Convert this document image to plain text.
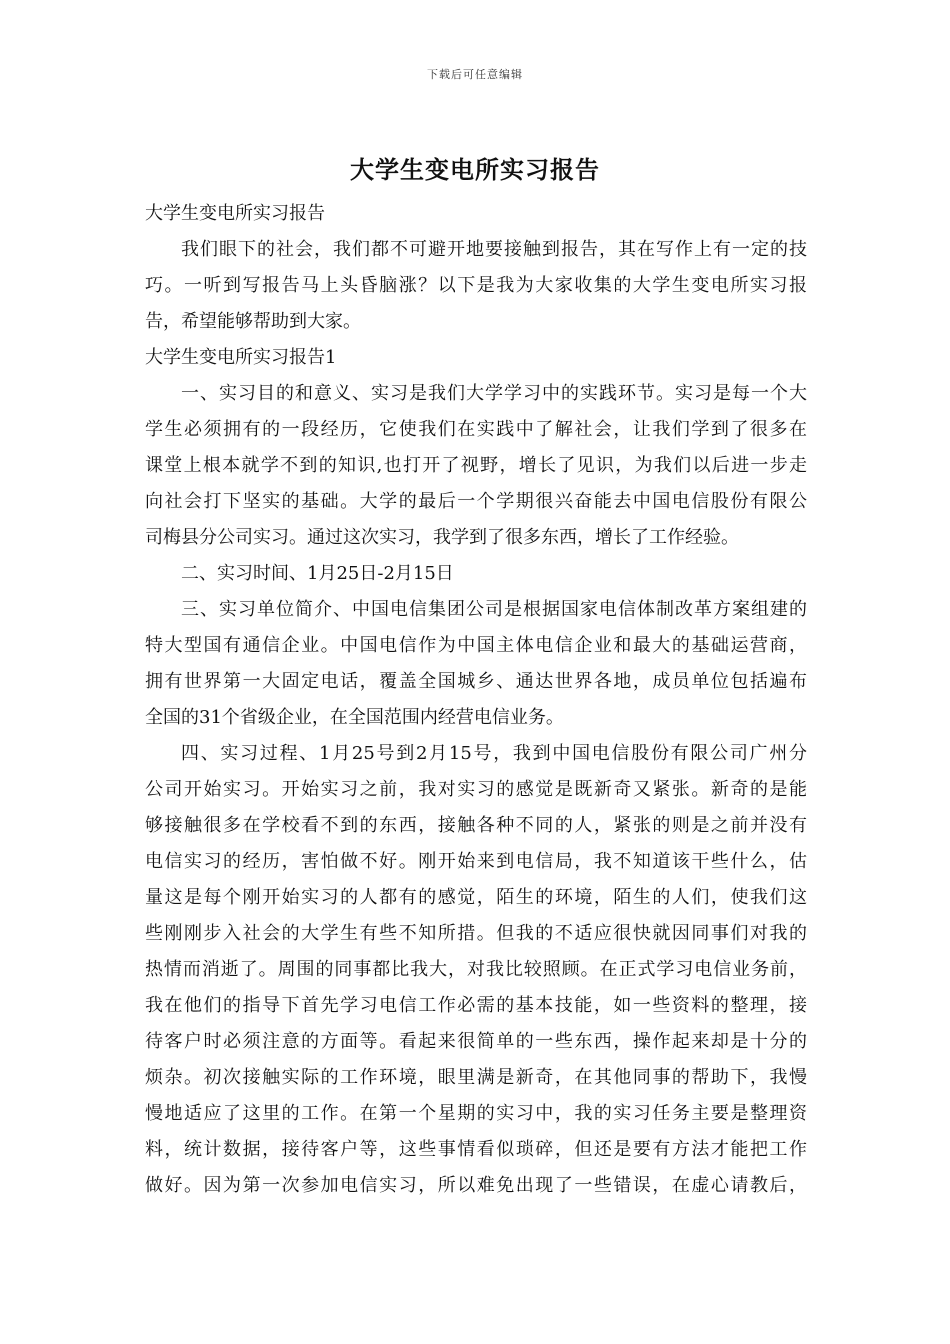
下载后可任意编辑
大学生变电所实习报告
大学生变电所实习报告
我们眼下的社会，我们都不可避开地要接触到报告，其在写作上有一定的技
巧。一听到写报告马上头昏脑涨？以下是我为大家收集的大学生变电所实习报
告，希望能够帮助到大家。
大学生变电所实习报告1
一、实习目的和意义、实习是我们大学学习中的实践环节。实习是每一个大
学生必须拥有的一段经历，它使我们在实践中了解社会，让我们学到了很多在
课堂上根本就学不到的知识,也打开了视野，增长了见识，为我们以后进一步走
向社会打下坚实的基础。大学的最后一个学期很兴奋能去中国电信股份有限公
司梅县分公司实习。通过这次实习，我学到了很多东西，增长了工作经验。
二、实习时间、1月25日-2月15日
三、实习单位简介、中国电信集团公司是根据国家电信体制改革方案组建的
特大型国有通信企业。中国电信作为中国主体电信企业和最大的基础运营商，
拥有世界第一大固定电话，覆盖全国城乡、通达世界各地，成员单位包括遍布
全国的31个省级企业，在全国范围内经营电信业务。
四、实习过程、1月25号到2月15号，我到中国电信股份有限公司广州分
公司开始实习。开始实习之前，我对实习的感觉是既新奇又紧张。新奇的是能
够接触很多在学校看不到的东西，接触各种不同的人，紧张的则是之前并没有
电信实习的经历，害怕做不好。刚开始来到电信局，我不知道该干些什么，估
量这是每个刚开始实习的人都有的感觉，陌生的环境，陌生的人们，使我们这
些刚刚步入社会的大学生有些不知所措。但我的不适应很快就因同事们对我的
热情而消逝了。周围的同事都比我大，对我比较照顾。在正式学习电信业务前，
我在他们的指导下首先学习电信工作必需的基本技能，如一些资料的整理，接
待客户时必须注意的方面等。看起来很简单的一些东西，操作起来却是十分的
烦杂。初次接触实际的工作环境，眼里满是新奇，在其他同事的帮助下，我慢
慢地适应了这里的工作。在第一个星期的实习中，我的实习任务主要是整理资
料，统计数据，接待客户等，这些事情看似琐碎，但还是要有方法才能把工作
做好。因为第一次参加电信实习，所以难免出现了一些错误，在虚心请教后，
